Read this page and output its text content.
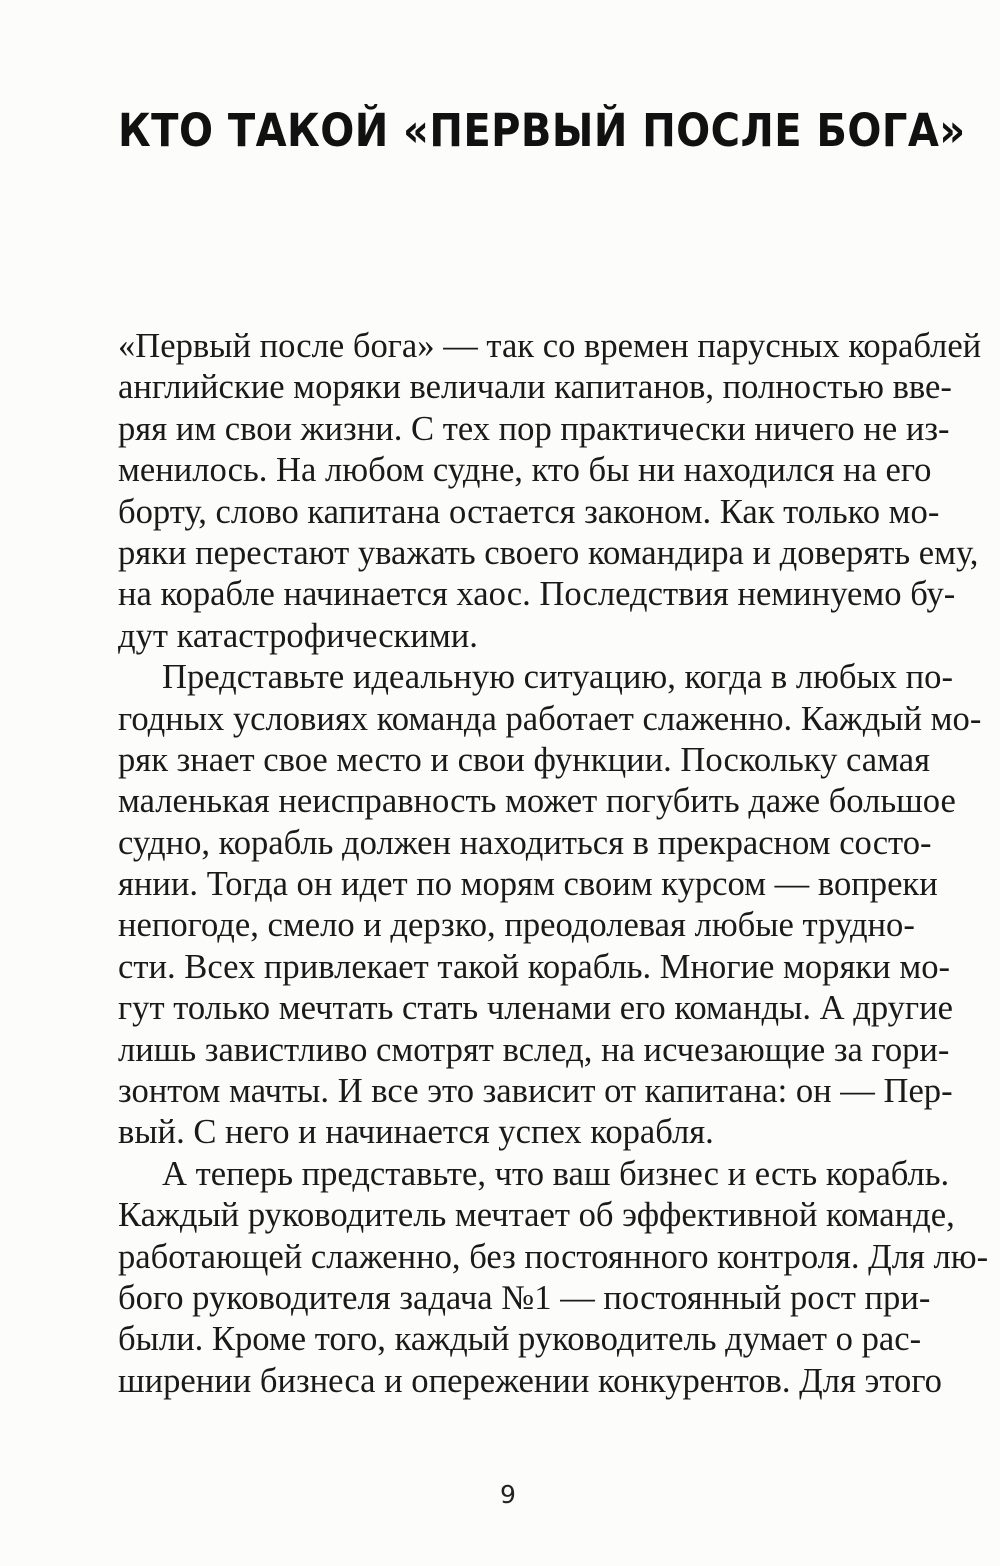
КТО ТАКОЙ «ПЕРВЫЙ ПОСЛЕ БОГА»
«Первый после бога» — так со времен парусных кораблей
английские моряки величали капитанов, полностью вве-
ряя им свои жизни. С тех пор практически ничего не из-
менилось. На любом судне, кто бы ни находился на его
борту, слово капитана остается законом. Как только мо-
ряки перестают уважать своего командира и доверять ему,
на корабле начинается хаос. Последствия неминуемо бу-
дут катастрофическими.
Представьте идеальную ситуацию, когда в любых по-
годных условиях команда работает слаженно. Каждый мо-
ряк знает свое место и свои функции. Поскольку самая
маленькая неисправность может погубить даже большое
судно, корабль должен находиться в прекрасном состо-
янии. Тогда он идет по морям своим курсом — вопреки
непогоде, смело и дерзко, преодолевая любые трудно-
сти. Всех привлекает такой корабль. Многие моряки мо-
гут только мечтать стать членами его команды. А другие
лишь завистливо смотрят вслед, на исчезающие за гори-
зонтом мачты. И все это зависит от капитана: он — Пер-
вый. С него и начинается успех корабля.
А теперь представьте, что ваш бизнес и есть корабль.
Каждый руководитель мечтает об эффективной команде,
работающей слаженно, без постоянного контроля. Для лю-
бого руководителя задача №1 — постоянный рост при-
были. Кроме того, каждый руководитель думает о рас-
ширении бизнеса и опережении конкурентов. Для этого
9
